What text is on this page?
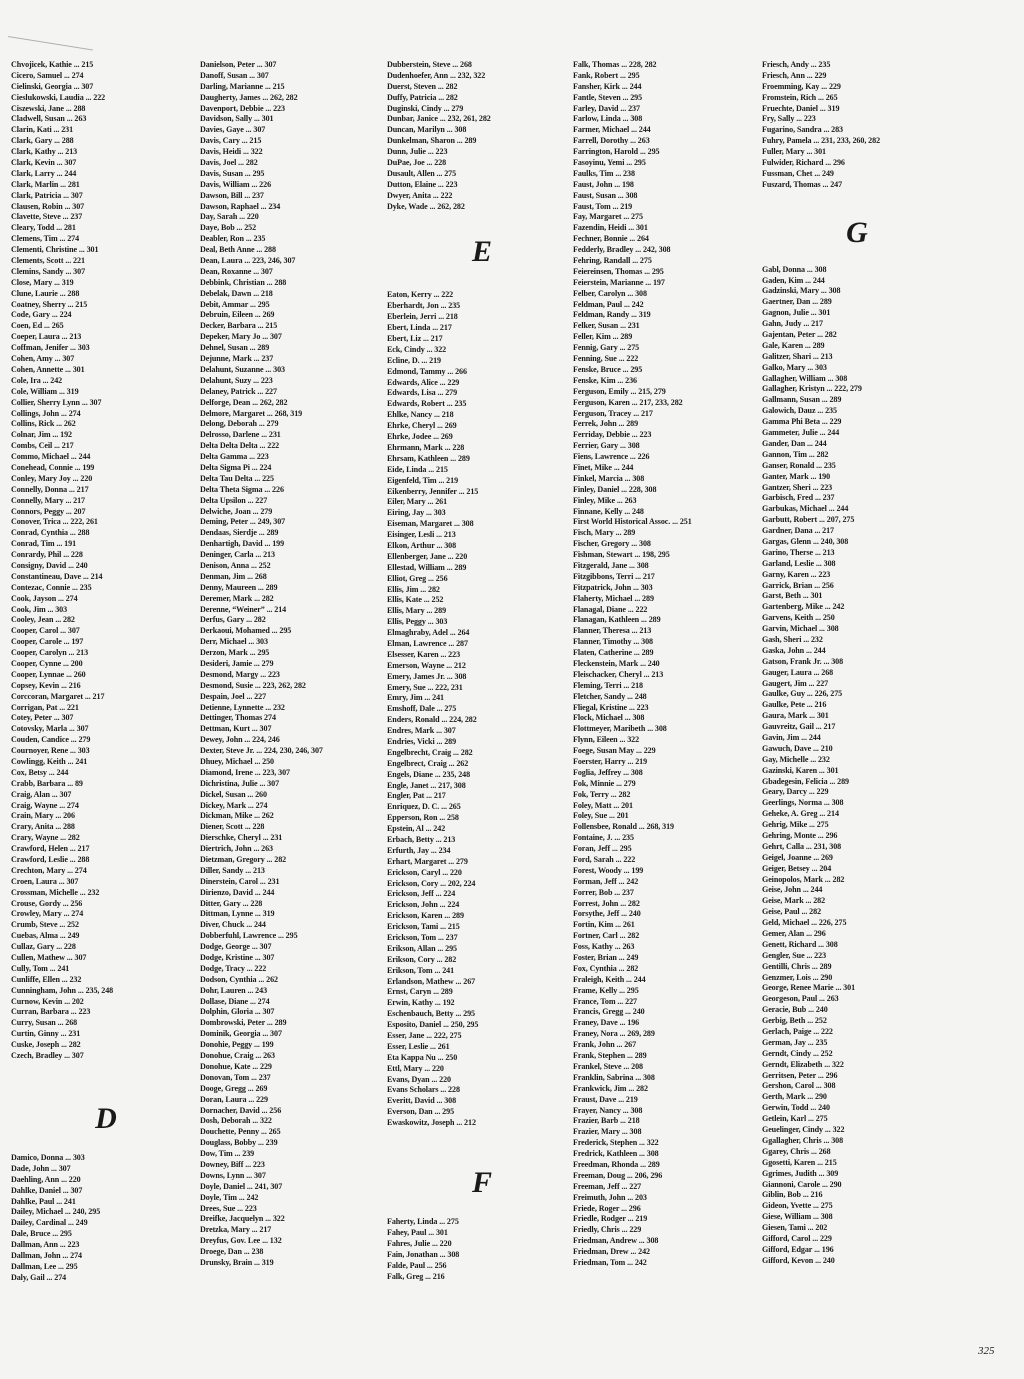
Chvojicek, Kathie ... 215
Cicero, Samuel ... 274
Cielinski, Georgia ... 307
Cieslukowski, Laudia ... 222
Ciszewski, Jane ... 288
Cladwell, Susan ... 263
Clarin, Kati ... 231
Clark, Gary ... 288
Clark, Kathy ... 213
Clark, Kevin ... 307
Clark, Larry ... 244
Clark, Marlin ... 281
Clark, Patricia ... 307
Clausen, Robin ... 307
Clavette, Steve ... 237
Cleary, Todd ... 281
Clemens, Tim ... 274
Clementi, Christine ... 301
Clements, Scott ... 221
Clemins, Sandy ... 307
Close, Mary ... 319
Clune, Laurie ... 288
Coatney, Sherry ... 215
Code, Gary ... 224
Coen, Ed ... 265
Coeper, Laura ... 213
Coffman, Jenifer ... 303
Cohen, Amy ... 307
Cohen, Annette ... 301
Cole, Ira ... 242
Cole, William ... 319
Collier, Sherry Lynn ... 307
Collings, John ... 274
Collins, Rick ... 262
Colnar, Jim ... 192
Combs, Ceil ... 217
Commo, Michael ... 244
Conehead, Connie ... 199
Conley, Mary Joy ... 220
Connelly, Donna ... 217
Connelly, Mary ... 217
Connors, Peggy ... 207
Conover, Trica ... 222, 261
Conrad, Cynthia ... 288
Conrad, Tim ... 191
Conrardy, Phil ... 228
Consigny, David ... 240
Constantineau, Dave ... 214
Contezac, Connie ... 235
Cook, Jayson ... 274
Cook, Jim ... 303
Cooley, Jean ... 282
Cooper, Carol ... 307
Cooper, Carole ... 197
Cooper, Carolyn ... 213
Cooper, Cynne ... 200
Cooper, Lynnae ... 260
Copsey, Kevin ... 216
Corccoran, Margaret ... 217
Corrigan, Pat ... 221
Cotey, Peter ... 307
Cotovsky, Marla ... 307
Couden, Candice ... 279
Cournoyer, Rene ... 303
Cowlingg, Keith ... 241
Cox, Betsy ... 244
Crabb, Barbara ... 89
Craig, Alan ... 307
Craig, Wayne ... 274
Crain, Mary ... 206
Crary, Anita ... 288
Crary, Wayne ... 282
Crawford, Helen ... 217
Crawford, Leslie ... 288
Crechton, Mary ... 274
Croen, Laura ... 307
Crossman, Michelle ... 232
Crouse, Gordy ... 256
Crowley, Mary ... 274
Crumb, Steve ... 252
Cuebas, Alma ... 249
Cullaz, Gary ... 228
Cullen, Mathew ... 307
Cully, Tom ... 241
Cunliffe, Ellen ... 232
Cunningham, John ... 235, 248
Curnow, Kevin ... 202
Curran, Barbara ... 223
Curry, Susan ... 268
Curtin, Ginny ... 231
Cuske, Joseph ... 282
Czech, Bradley ... 307
D
Damico, Donna ... 303
Dade, John ... 307
Daehling, Ann ... 220
Dahlke, Daniel ... 307
Dahlke, Paul ... 241
Dailey, Michael ... 240, 295
Dailey, Cardinal ... 249
Dale, Bruce ... 295
Dallman, Ann ... 223
Dallman, John ... 274
Dallman, Lee ... 295
Daly, Gail ... 274
Danielson, Peter ... 307
Danoff, Susan ... 307
Darling, Marianne ... 215
Daugherty, James ... 262, 282
Davenport, Debbie ... 223
Davidson, Sally ... 301
Davies, Gaye ... 307
Davis, Cary ... 215
Davis, Heidi ... 322
Davis, Joel ... 282
Davis, Susan ... 295
Davis, William ... 226
Dawson, Bill ... 237
Dawson, Raphael ... 234
Day, Sarah ... 220
Daye, Bob ... 252
Deabler, Ron ... 235
Deal, Beth Anne ... 288
Dean, Laura ... 223, 246, 307
Dean, Roxanne ... 307
Debbink, Christian ... 288
Debelak, Dawn ... 218
Debit, Ammar ... 295
Debruin, Eileen ... 269
Decker, Barbara ... 215
Depeker, Mary Jo ... 307
Dehnel, Susan ... 289
Dejunne, Mark ... 237
Delahunt, Suzanne ... 303
Delahunt, Suzy ... 223
Delaney, Patrick ... 227
Delforge, Dean ... 262, 282
Delmore, Margaret ... 268, 319
Delong, Deborah ... 279
Delrosso, Darlene ... 231
Delta Delta Delta ... 222
Delta Gamma ... 223
Delta Sigma Pi ... 224
Delta Tau Delta ... 225
Delta Theta Sigma ... 226
Delta Upsilon ... 227
Delwiche, Joan ... 279
Deming, Peter ... 249, 307
Dendaas, Sierdje ... 289
Denhartigh, David ... 199
Deninger, Carla ... 213
Denison, Anna ... 252
Denman, Jim ... 268
Denny, Maureen ... 289
Deremer, Mark ... 282
Derenne, “Weiner” ... 214
Derfus, Gary ... 282
Derkaoui, Mohamed ... 295
Derr, Michael ... 303
Derzon, Mark ... 295
Desideri, Jamie ... 279
Desmond, Margy ... 223
Desmond, Susie ... 223, 262, 282
Despain, Joel ... 227
Detienne, Lynnette ... 232
Dettinger, Thomas 274
Dettman, Kurt ... 307
Dewey, John ... 224, 246
Dexter, Steve Jr. ... 224, 230, 246, 307
Dhuey, Michael ... 250
Diamond, Irene ... 223, 307
Dichristina, Julie ... 307
Dickel, Susan ... 260
Dickey, Mark ... 274
Dickman, Mike ... 262
Diener, Scott ... 228
Dierschke, Cheryl ... 231
Diertrich, John ... 263
Dietzman, Gregory ... 282
Diller, Sandy ... 213
Dinerstein, Carol ... 231
Dirienzo, David ... 244
Ditter, Gary ... 228
Dittman, Lynne ... 319
Diver, Chuck ... 244
Dobberfuhl, Lawrence ... 295
Dodge, George ... 307
Dodge, Kristine ... 307
Dodge, Tracy ... 222
Dodson, Cynthia ... 262
Dohr, Lauren ... 243
Dollase, Diane ... 274
Dolphin, Gloria ... 307
Dombrowski, Peter ... 289
Dominik, Georgia ... 307
Donohie, Peggy ... 199
Donohue, Craig ... 263
Donohue, Kate ... 229
Donovan, Tom ... 237
Dooge, Gregg ... 269
Doran, Laura ... 229
Dornacher, David ... 256
Dosh, Deborah ... 322
Douchette, Penny ... 265
Douglass, Bobby ... 239
Dow, Tim ... 239
Downey, Biff ... 223
Downs, Lynn ... 307
Doyle, Daniel ... 241, 307
Doyle, Tim ... 242
Drees, Sue ... 223
Dreifke, Jacquelyn ... 322
Dretzka, Mary ... 217
Dreyfus, Gov. Lee ... 132
Droege, Dan ... 238
Drunsky, Brain ... 319
Dubberstein, Steve ... 268
Dudenhoefer, Ann ... 232, 322
Duerst, Steven ... 282
Duffy, Patricia ... 282
Duginski, Cindy ... 279
Dunbar, Janice ... 232, 261, 282
Duncan, Marilyn ... 308
Dunkelman, Sharon ... 289
Dunn, Julie ... 223
DuPae, Joe ... 228
Dusault, Allen ... 275
Dutton, Elaine ... 223
Dwyer, Anita ... 222
Dyke, Wade ... 262, 282
E
Eaton, Kerry ... 222
Eberhardt, Jon ... 235
Eberlein, Jerri ... 218
Ebert, Linda ... 217
Ebert, Liz ... 217
Eck, Cindy ... 322
Ecline, D. ... 219
Edmond, Tammy ... 266
Edwards, Alice ... 229
Edwards, Lisa ... 279
Edwards, Robert ... 235
Ehlke, Nancy ... 218
Ehrke, Cheryl ... 269
Ehrke, Jodee ... 269
Ehrmann, Mark ... 228
Ehrsam, Kathleen ... 289
Eide, Linda ... 215
Eigenfeld, Tim ... 219
Eikenberry, Jennifer ... 215
Eiler, Mary ... 261
Eiring, Jay ... 303
Eiseman, Margaret ... 308
Eisinger, Lesli ... 213
Elkon, Arthur ... 308
Ellenberger, Jane ... 220
Ellestad, William ... 289
Elliot, Greg ... 256
Ellis, Jim ... 282
Ellis, Kate ... 252
Ellis, Mary ... 289
Ellis, Peggy ... 303
Elmaghraby, Adel ... 264
Elman, Lawrence ... 287
Elsesser, Karen ... 223
Emerson, Wayne ... 212
Emery, James Jr. ... 308
Emery, Sue ... 222, 231
Emry, Jim ... 241
Emshoff, Dale ... 275
Enders, Ronald ... 224, 282
Endres, Mark ... 307
Endries, Vicki ... 289
Engelbrecht, Craig ... 282
Engelbrect, Craig ... 262
Engels, Diane ... 235, 248
Engle, Janet ... 217, 308
Engler, Pat ... 217
Enriquez, D. C. ... 265
Epperson, Ron ... 258
Epstein, Al ... 242
Erbach, Betty ... 213
Erfurth, Jay ... 234
Erhart, Margaret ... 279
Erickson, Caryl ... 220
Erickson, Cory ... 202, 224
Erickson, Jeff ... 224
Erickson, John ... 224
Erickson, Karen ... 289
Erickson, Tami ... 215
Erickson, Tom ... 237
Erikson, Allan ... 295
Erikson, Cory ... 282
Erikson, Tom ... 241
Erlandson, Mathew ... 267
Ernst, Caryn ... 289
Erwin, Kathy ... 192
Eschenbauch, Betty ... 295
Esposito, Daniel ... 250, 295
Esser, Jane ... 222, 275
Esser, Leslie ... 261
Eta Kappa Nu ... 250
Ettl, Mary ... 220
Evans, Dyan ... 220
Evans Scholars ... 228
Everitt, David ... 308
Everson, Dan ... 295
Ewaskowitz, Joseph ... 212
F
Faherty, Linda ... 275
Fahey, Paul ... 301
Fahres, Julie ... 220
Fain, Jonathan ... 308
Falde, Paul ... 256
Falk, Greg ... 216
Falk, Thomas ... 228, 282
Fank, Robert ... 295
Fansher, Kirk ... 244
Fantle, Steven ... 295
Farley, David ... 237
Farlow, Linda ... 308
Farmer, Michael ... 244
Farrell, Dorothy ... 263
Farrington, Harold ... 295
Fasoyinu, Yemi ... 295
Faulks, Tim ... 238
Faust, John ... 198
Faust, Susan ... 308
Faust, Tom ... 219
Fay, Margaret ... 275
Fazendin, Heidi ... 301
Fechner, Bonnie ... 264
Fedderly, Bradley ... 242, 308
Fehring, Randall ... 275
Feiereinsen, Thomas ... 295
Feierstein, Marianne ... 197
Felber, Carolyn ... 308
Feldman, Paul ... 242
Feldman, Randy ... 319
Felker, Susan ... 231
Feller, Kim ... 289
Fennig, Gary ... 275
Fenning, Sue ... 222
Fenske, Bruce ... 295
Fenske, Kim ... 236
Ferguson, Emily ... 215, 279
Ferguson, Karen ... 217, 233, 282
Ferguson, Tracey ... 217
Ferrek, John ... 289
Ferriday, Debbie ... 223
Ferrier, Gary ... 308
Fiens, Lawrence ... 226
Finet, Mike ... 244
Finkel, Marcia ... 308
Finley, Daniel ... 228, 308
Finley, Mike ... 263
Finnane, Kelly ... 248
First World Historical Assoc. ... 251
Fisch, Mary ... 289
Fischer, Gregory ... 308
Fishman, Stewart ... 198, 295
Fitzgerald, Jane ... 308
Fitzgibbons, Terri ... 217
Fitzpatrick, John ... 303
Flaherty, Michael ... 289
Flanagal, Diane ... 222
Flanagan, Kathleen ... 289
Flanner, Theresa ... 213
Flanner, Timothy ... 308
Flaten, Catherine ... 289
Fleckenstein, Mark ... 240
Fleischacker, Cheryl ... 213
Fleming, Terri ... 218
Fletcher, Sandy ... 248
Fliegal, Kristine ... 223
Flock, Michael ... 308
Flottmeyer, Maribeth ... 308
Flynn, Eileen ... 322
Foege, Susan May ... 229
Foerster, Harry ... 219
Foglia, Jeffrey ... 308
Fok, Minnie ... 279
Fok, Terry ... 282
Foley, Matt ... 201
Foley, Sue ... 201
Follensbee, Ronald ... 268, 319
Fontaine, J. ... 235
Foran, Jeff ... 295
Ford, Sarah ... 222
Forest, Woody ... 199
Forman, Jeff ... 242
Forrer, Bob ... 237
Forrest, John ... 282
Forsythe, Jeff ... 240
Fortin, Kim ... 261
Fortner, Carl ... 282
Foss, Kathy ... 263
Foster, Brian ... 249
Fox, Cynthia ... 282
Fraleigh, Keith ... 244
Frame, Kelly ... 295
France, Tom ... 227
Francis, Gregg ... 240
Franey, Dave ... 196
Franey, Nora ... 269, 289
Frank, John ... 267
Frank, Stephen ... 289
Frankel, Steve ... 208
Franklin, Sabrina ... 308
Frankwick, Jim ... 282
Fraust, Dave ... 219
Frayer, Nancy ... 308
Frazier, Barb ... 218
Frazier, Mary ... 308
Frederick, Stephen ... 322
Fredrick, Kathleen ... 308
Freedman, Rhonda ... 289
Freeman, Doug ... 206, 296
Freeman, Jeff ... 227
Freimuth, John ... 203
Friede, Roger ... 296
Friedle, Rodger ... 219
Friedly, Chris ... 229
Friedman, Andrew ... 308
Friedman, Drew ... 242
Friedman, Tom ... 242
Friesch, Andy ... 235
Friesch, Ann ... 229
Froemming, Kay ... 229
Fromstein, Rich ... 265
Fruechte, Daniel ... 319
Fry, Sally ... 223
Fugarino, Sandra ... 283
Fuhry, Pamela ... 231, 233, 260, 282
Fuller, Mary ... 301
Fulwider, Richard ... 296
Fussman, Chet ... 249
Fuszard, Thomas ... 247
G
Gabl, Donna ... 308
Gaden, Kim ... 244
Gadzinski, Mary ... 308
Gaertner, Dan ... 289
Gagnon, Julie ... 301
Gahn, Judy ... 217
Gajentan, Peter ... 282
Gale, Karen ... 289
Galitzer, Shari ... 213
Galko, Mary ... 303
Gallagher, William ... 308
Gallagher, Kristyn ... 222, 279
Gallmann, Susan ... 289
Galowich, Dauz ... 235
Gamma Phi Beta ... 229
Gammeter, Julie ... 244
Gander, Dan ... 244
Gannon, Tim ... 282
Ganser, Ronald ... 235
Ganter, Mark ... 190
Gantzer, Sheri ... 223
Garbisch, Fred ... 237
Garbukas, Michael ... 244
Garbutt, Robert ... 207, 275
Gardner, Dana ... 217
Gargas, Glenn ... 240, 308
Garino, Therse ... 213
Garland, Leslie ... 308
Garny, Karen ... 223
Garrick, Brian ... 256
Garst, Beth ... 301
Gartenberg, Mike ... 242
Garvens, Keith ... 250
Garvin, Michael ... 308
Gash, Sheri ... 232
Gaska, John ... 244
Gatson, Frank Jr. ... 308
Gauger, Laura ... 268
Gaugert, Jim ... 227
Gaulke, Guy ... 226, 275
Gaulke, Pete ... 216
Gaura, Mark ... 301
Gauvreitz, Gail ... 217
Gavin, Jim ... 244
Gawuch, Dave ... 210
Gay, Michelle ... 232
Gazinski, Karen ... 301
Gbadegesin, Felicia ... 289
Geary, Darcy ... 229
Geerlings, Norma ... 308
Geheke, A. Greg ... 214
Gehrig, Mike ... 275
Gehring, Monte ... 296
Gehrt, Calla ... 231, 308
Geigel, Joanne ... 269
Geiger, Betsey ... 204
Geinopolos, Mark ... 282
Geise, John ... 244
Geise, Mark ... 282
Geise, Paul ... 282
Geld, Michael ... 226, 275
Gemer, Alan ... 296
Genett, Richard ... 308
Gengler, Sue ... 223
Gentilli, Chris ... 289
Genzmer, Lois ... 290
George, Renee Marie ... 301
Georgeson, Paul ... 263
Geracie, Bub ... 240
Gerbig, Beth ... 252
Gerlach, Paige ... 222
German, Jay ... 235
Gerndt, Cindy ... 252
Gerndt, Elizabeth ... 322
Gerritsen, Peter ... 296
Gershon, Carol ... 308
Gerth, Mark ... 290
Gerwin, Todd ... 240
Getlein, Karl ... 275
Geuelinger, Cindy ... 322
Ggallagher, Chris ... 308
Ggarey, Chris ... 268
Ggosetti, Karen ... 215
Ggrimes, Judith ... 309
Giannoni, Carole ... 290
Giblin, Bob ... 216
Gideon, Yvette ... 275
Giese, William ... 308
Giesen, Tami ... 202
Gifford, Carol ... 229
Gifford, Edgar ... 196
Gifford, Kevon ... 240
325
